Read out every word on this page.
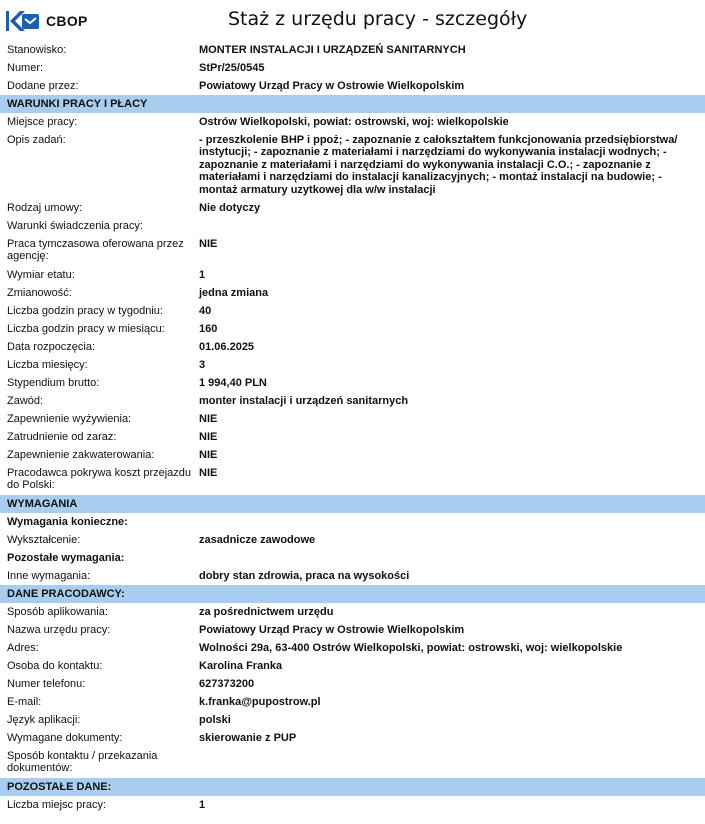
CBOP	Staż z urzędu pracy - szczegóły
Stanowisko:	MONTER INSTALACJI I URZĄDZEŃ SANITARNYCH
Numer:	StPr/25/0545
Dodane przez:	Powiatowy Urząd Pracy w Ostrowie Wielkopolskim
WARUNKI PRACY I PŁACY
Miejsce pracy:	Ostrów Wielkopolski, powiat: ostrowski, woj: wielkopolskie
Opis zadań:	- przeszkolenie BHP i ppoż; - zapoznanie z całokształtem funkcjonowania przedsiębiorstwa/ instytucji; - zapoznanie z materiałami i narzędziami do wykonywania instalacji wodnych; - zapoznanie z materiałami i narzędziami do wykonywania instalacji C.O.; - zapoznanie z materiałami i narzędziami do instalacji kanalizacyjnych; - montaż instalacji na budowie; - montaż armatury uzytkowej dla w/w instalacji
Rodzaj umowy:	Nie dotyczy
Warunki świadczenia pracy:
Praca tymczasowa oferowana przez agencję:
NIE
Wymiar etatu:	1
Zmianowość:	jedna zmiana
Liczba godzin pracy w tygodniu:	40
Liczba godzin pracy w miesiącu:	160
Data rozpoczęcia:	01.06.2025
Liczba miesięcy:	3
Stypendium brutto:	1 994,40 PLN
Zawód:	monter instalacji i urządzeń sanitarnych
Zapewnienie wyżywienia:	NIE
Zatrudnienie od zaraz:	NIE
Zapewnienie zakwaterowania:	NIE
Pracodawca pokrywa koszt przejazdu do Polski:
NIE
WYMAGANIA
Wymagania konieczne:
Wykształcenie:	zasadnicze zawodowe
Pozostałe wymagania:
Inne wymagania:	dobry stan zdrowia, praca na wysokości
DANE PRACODAWCY:
Sposób aplikowania:	za pośrednictwem urzędu
Nazwa urzędu pracy:	Powiatowy Urząd Pracy w Ostrowie Wielkopolskim
Adres:	Wolności 29a, 63-400 Ostrów Wielkopolski, powiat: ostrowski, woj: wielkopolskie
Osoba do kontaktu:	Karolina Franka
Numer telefonu:	627373200
E-mail:	k.franka@pupostrow.pl
Język aplikacji:	polski
Wymagane dokumenty:	skierowanie z PUP
Sposób kontaktu / przekazania dokumentów:
POZOSTAŁE DANE:
Liczba miejsc pracy:	1
